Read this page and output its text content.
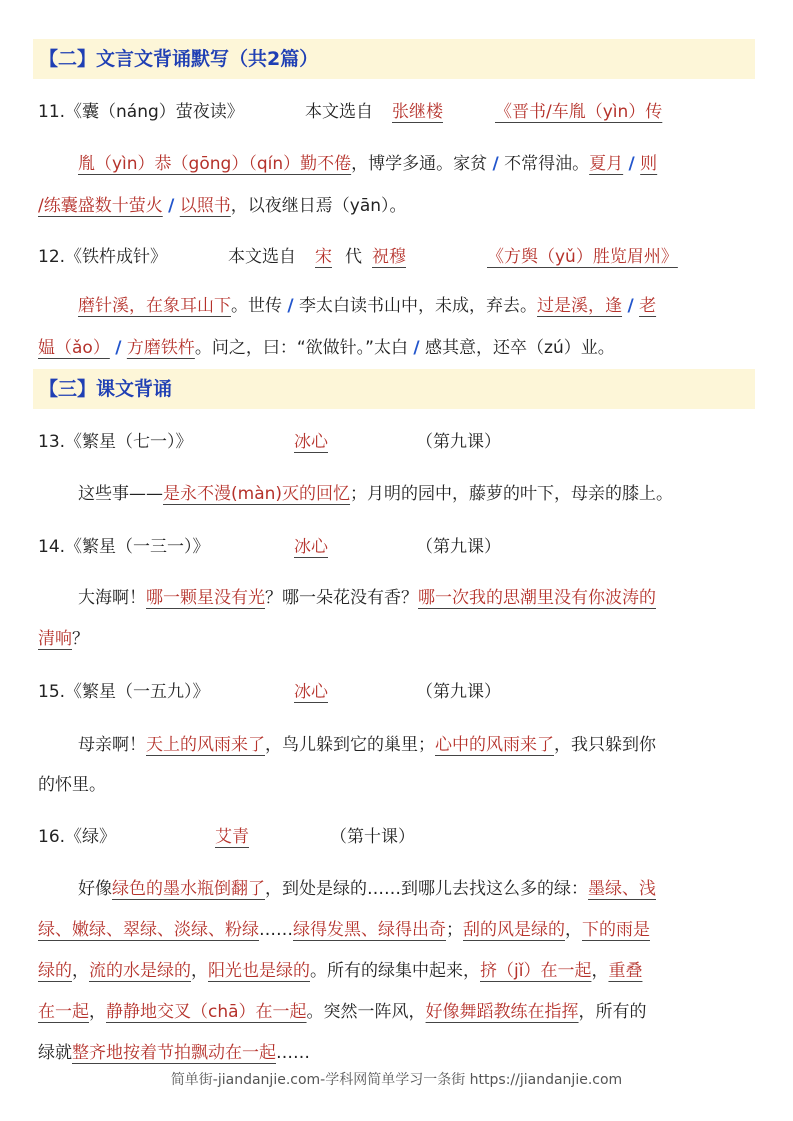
【二】文言文背诵默写（共2篇）
11.《囊（náng）萤夜读》	本文选自 张继楼	《晋书/车胤（yìn）传
胤（yìn）恭（gōng）（qín）勤不倦，博学多通。家贫 / 不常得油。夏月 / 则
/练囊盛数十萤火 / 以照书，以夜继日焉（yān）。
12.《铁杵成针》	本文选自 宋 代 祝穆	《方舆（yǔ）胜览眉州》
磨针溪，在象耳山下。世传 / 李太白读书山中，未成，弃去。过是溪，逢 / 老
媪（ǎo） / 方磨铁杵。问之，曰：“欲做针。”太白 / 感其意，还卒（zú）业。
【三】课文背诵
13.《繁星（七一）》	冰心	（第九课）
这些事——是永不漫(màn)灭的回忆；月明的园中，藤萝的叶下，母亲的膝上。
14.《繁星（一三一）》	冰心	（第九课）
大海啊！哪一颗星没有光？哪一朵花没有香？哪一次我的思潮里没有你波涛的
清响？
15.《繁星（一五九）》	冰心	（第九课）
母亲啊！天上的风雨来了，鸟儿躲到它的巢里；心中的风雨来了，我只躲到你
的怀里。
16.《绿》	艾青	（第十课）
好像绿色的墨水瓶倒翻了，到处是绿的……到哪儿去找这么多的绿：墨绿、浅
绿、嫩绿、翠绿、淡绿、粉绿……绿得发黑、绿得出奇；刮的风是绿的，下的雨是
绿的，流的水是绿的，阳光也是绿的。所有的绿集中起来，挤（jǐ）在一起，重叠
在一起，静静地交叉（chā）在一起。突然一阵风，好像舞蹈教练在指挥，所有的
绿就整齐地按着节拍飘动在一起……
简单街-jiandanjie.com-学科网简单学习一条街 https://jiandanjie.com
